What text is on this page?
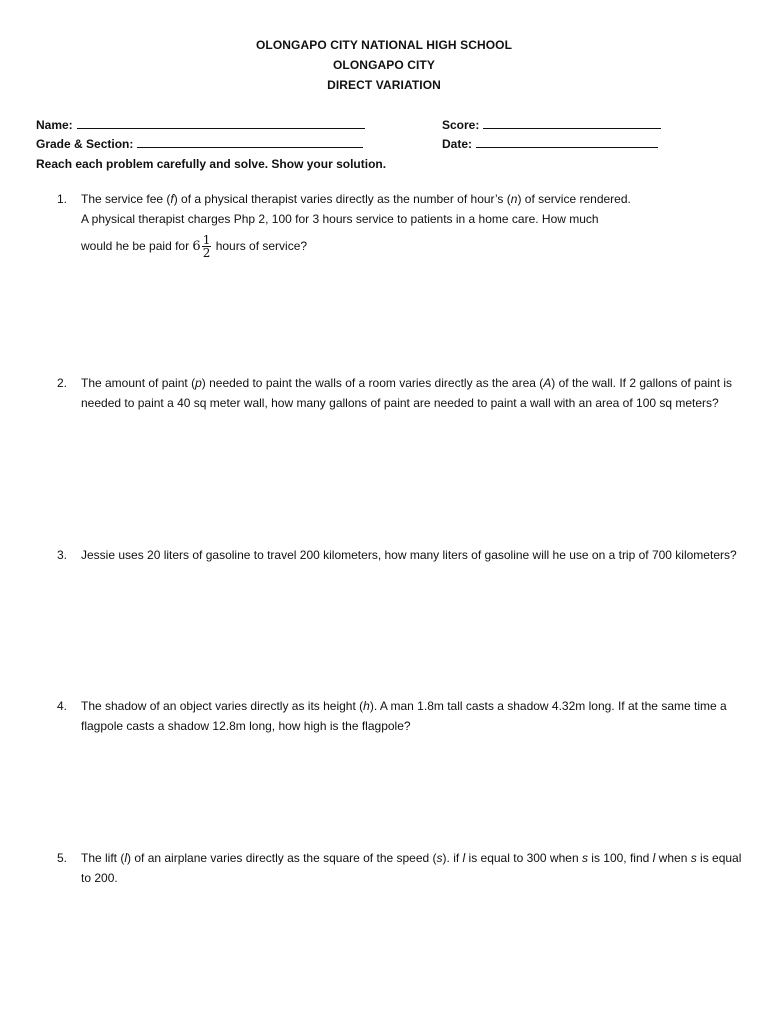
OLONGAPO CITY NATIONAL HIGH SCHOOL
OLONGAPO CITY
DIRECT VARIATION
Name:	Score:
Grade & Section:	Date:
Reach each problem carefully and solve. Show your solution.
1.	The service fee (f) of a physical therapist varies directly as the number of hour’s (n) of service rendered.
A physical therapist charges Php 2, 100 for 3 hours service to patients in a home care. How much
would he be paid for $6 \frac{1}{2}$ hours of service?
2.	The amount of paint (p) needed to paint the walls of a room varies directly as the area (A) of the wall. If 2 gallons of paint is needed to paint a 40 sq meter wall, how many gallons of paint are needed to paint a wall with an area of 100 sq meters?
3.	Jessie uses 20 liters of gasoline to travel 200 kilometers, how many liters of gasoline will he use on a trip of 700 kilometers?
4.	The shadow of an object varies directly as its height (h). A man 1.8m tall casts a shadow 4.32m long. If at the same time a flagpole casts a shadow 12.8m long, how high is the flagpole?
5.	The lift (l) of an airplane varies directly as the square of the speed (s). if l is equal to 300 when s is 100, find l when s is equal to 200.
